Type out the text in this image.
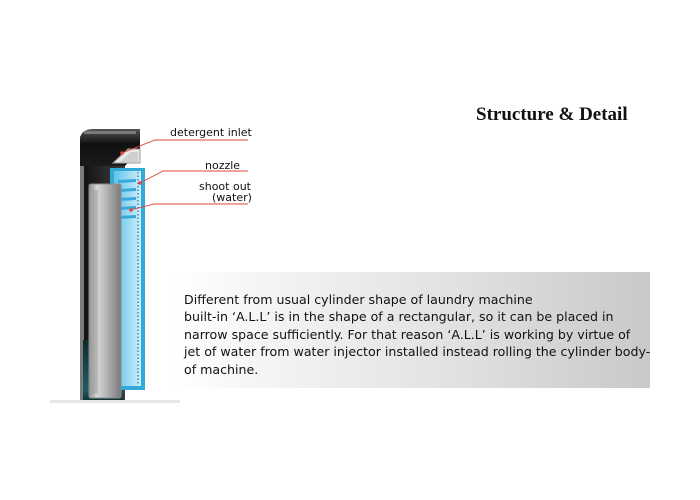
Structure & Detail
detergent inlet
nozzle
shoot out
(water)
Different from usual cylinder shape of laundry machine
built-in ‘A.L.L’ is in the shape of a rectangular, so it can be placed in
narrow space sufficiently. For that reason ‘A.L.L’ is working by virtue of
jet of water from water injector installed instead rolling the cylinder body-
of machine.
